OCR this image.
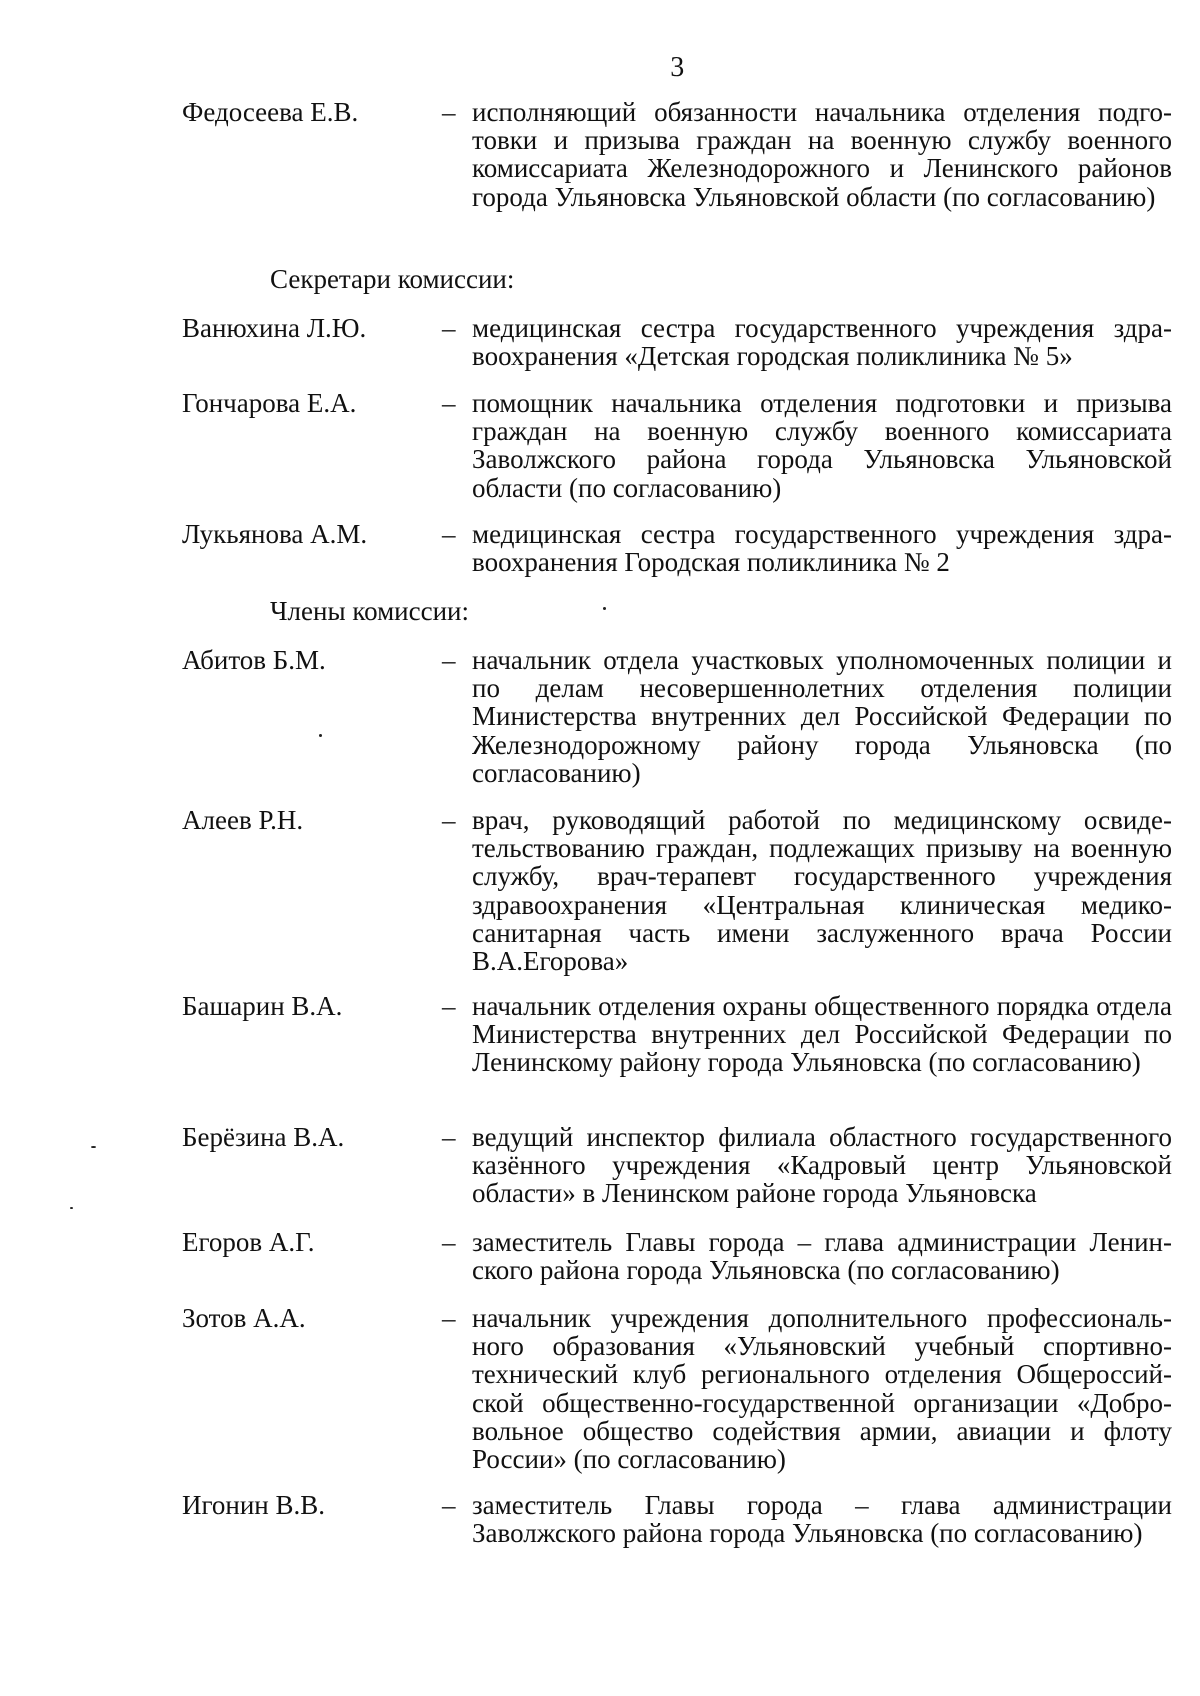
3
Федосеева Е.В.	– исполняющий обязанности начальника отделения подготовки и призыва граждан на военную службу военного комиссариата Железнодорожного и Ленинского районов города Ульяновска Ульяновской области (по согласованию)
Секретари комиссии:
Ванюхина Л.Ю.	– медицинская сестра государственного учреждения здравоохранения «Детская городская поликлиника № 5»
Гончарова Е.А.	– помощник начальника отделения подготовки и призыва граждан на военную службу военного комиссариата Заволжского района города Ульяновска Ульяновской области (по согласованию)
Лукьянова А.М.	– медицинская сестра государственного учреждения здравоохранения Городская поликлиника № 2
Члены комиссии:
Абитов Б.М.	– начальник отдела участковых уполномоченных полиции и по делам несовершеннолетних отделения полиции Министерства внутренних дел Российской Федерации по Железнодорожному району города Ульяновска (по согласованию)
Алеев Р.Н.	– врач, руководящий работой по медицинскому освидетельствованию граждан, подлежащих призыву на военную службу, врач-терапевт государственного учреждения здравоохранения «Центральная клиническая медико-санитарная часть имени заслуженного врача России В.А.Егорова»
Башарин В.А.	– начальник отделения охраны общественного порядка отдела Министерства внутренних дел Российской Федерации по Ленинскому району города Ульяновска (по согласованию)
Берёзина В.А.	– ведущий инспектор филиала областного государственного казённого учреждения «Кадровый центр Ульяновской области» в Ленинском районе города Ульяновска
Егоров А.Г.	– заместитель Главы города – глава администрации Ленинского района города Ульяновска (по согласованию)
Зотов А.А.	– начальник учреждения дополнительного профессионального образования «Ульяновский учебный спортивно-технический клуб регионального отделения Общероссийской общественно-государственной организации «Добровольное общество содействия армии, авиации и флоту России» (по согласованию)
Игонин В.В.	– заместитель Главы города – глава администрации Заволжского района города Ульяновска (по согласованию)
